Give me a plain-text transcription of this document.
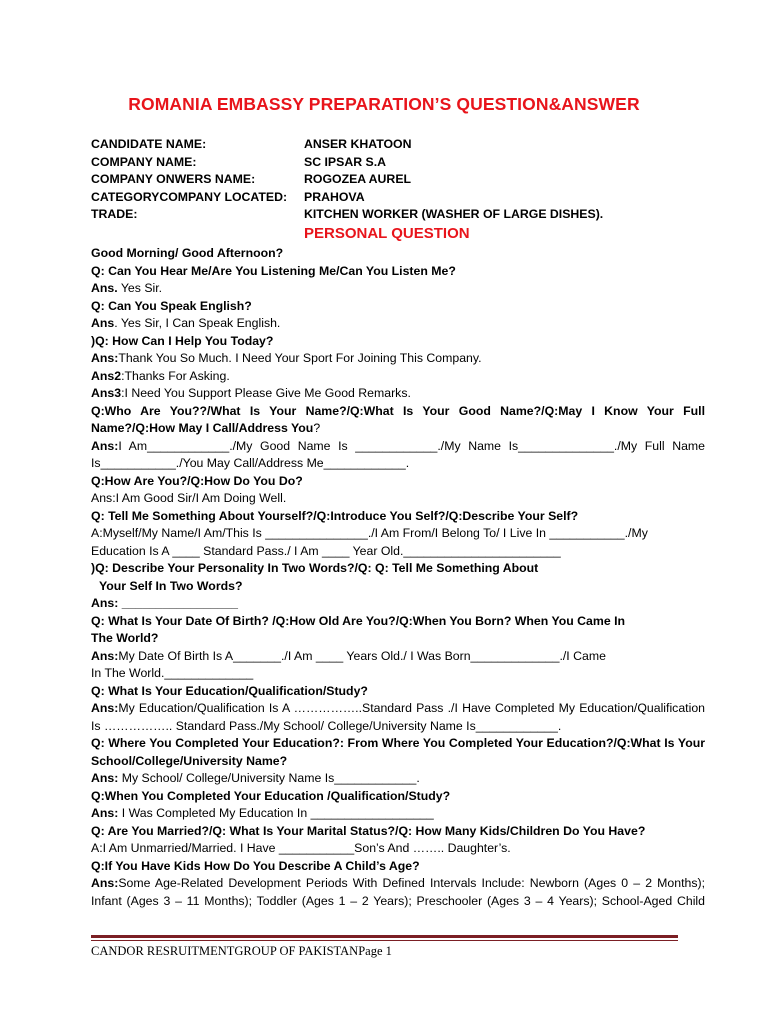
ROMANIA EMBASSY PREPARATION’S QUESTION&ANSWER
CANDIDATE NAME:	ANSER KHATOON
COMPANY NAME:	SC IPSAR S.A
COMPANY ONWERS NAME:	ROGOZEA AUREL
CATEGORYCOMPANY LOCATED: PRAHOVA
TRADE:	KITCHEN WORKER (WASHER OF LARGE DISHES).
PERSONAL QUESTION
Good Morning/ Good Afternoon?
Q: Can You Hear Me/Are You Listening Me/Can You Listen Me?
Ans. Yes Sir.
Q: Can You Speak English?
Ans. Yes Sir, I Can Speak English.
)Q: How Can I Help You Today?
Ans:Thank You So Much. I Need Your Sport For Joining This Company.
Ans2:Thanks For Asking.
Ans3:I Need You Support Please Give Me Good Remarks.
Q:Who Are You??/What Is Your Name?/Q:What Is Your Good Name?/Q:May I Know Your Full
Name?/Q:How May I Call/Address You?
Ans:I Am____________./My Good Name Is ____________./My Name Is______________./My Full Name
Is___________./You May Call/Address Me____________.
Q:How Are You?/Q:How Do You Do?
Ans:I Am Good Sir/I Am Doing Well.
Q: Tell Me Something About Yourself?/Q:Introduce You Self?/Q:Describe Your Self?
A:Myself/My Name/I Am/This Is _______________./I Am From/I Belong To/ I Live In ___________./My
Education Is A ____ Standard Pass./ I Am ____ Year Old._______________________
)Q: Describe Your Personality In Two Words?/Q: Q: Tell Me Something About
Your Self In Two Words?
Ans: _________________
Q: What Is Your Date Of Birth? /Q:How Old Are You?/Q:When You Born? When You Came In
The World?
Ans:My Date Of Birth Is A_______./I Am ____ Years Old./ I Was Born_____________./I Came
In The World._____________
Q: What Is Your Education/Qualification/Study?
Ans:My Education/Qualification Is A ……………..Standard Pass ./I Have Completed My Education/Qualification
Is …………….. Standard Pass./My School/ College/University Name Is____________.
Q: Where You Completed Your Education?: From Where You Completed Your Education?/Q:What Is Your
School/College/University Name?
Ans: My School/ College/University Name Is____________.
Q:When You Completed Your Education /Qualification/Study?
Ans: I Was Completed My Education In __________________
Q: Are You Married?/Q: What Is Your Marital Status?/Q: How Many Kids/Children Do You Have?
A:I Am Unmarried/Married. I Have ___________Son’s And …….. Daughter’s.
Q:If You Have Kids How Do You Describe A Child’s Age?
Ans:Some Age-Related Development Periods With Defined Intervals Include: Newborn (Ages 0 – 2 Months);
Infant (Ages 3 – 11 Months); Toddler (Ages 1 – 2 Years); Preschooler (Ages 3 – 4 Years); School-Aged Child
CANDOR RESRUITMENTGROUP OF PAKISTANPage 1
